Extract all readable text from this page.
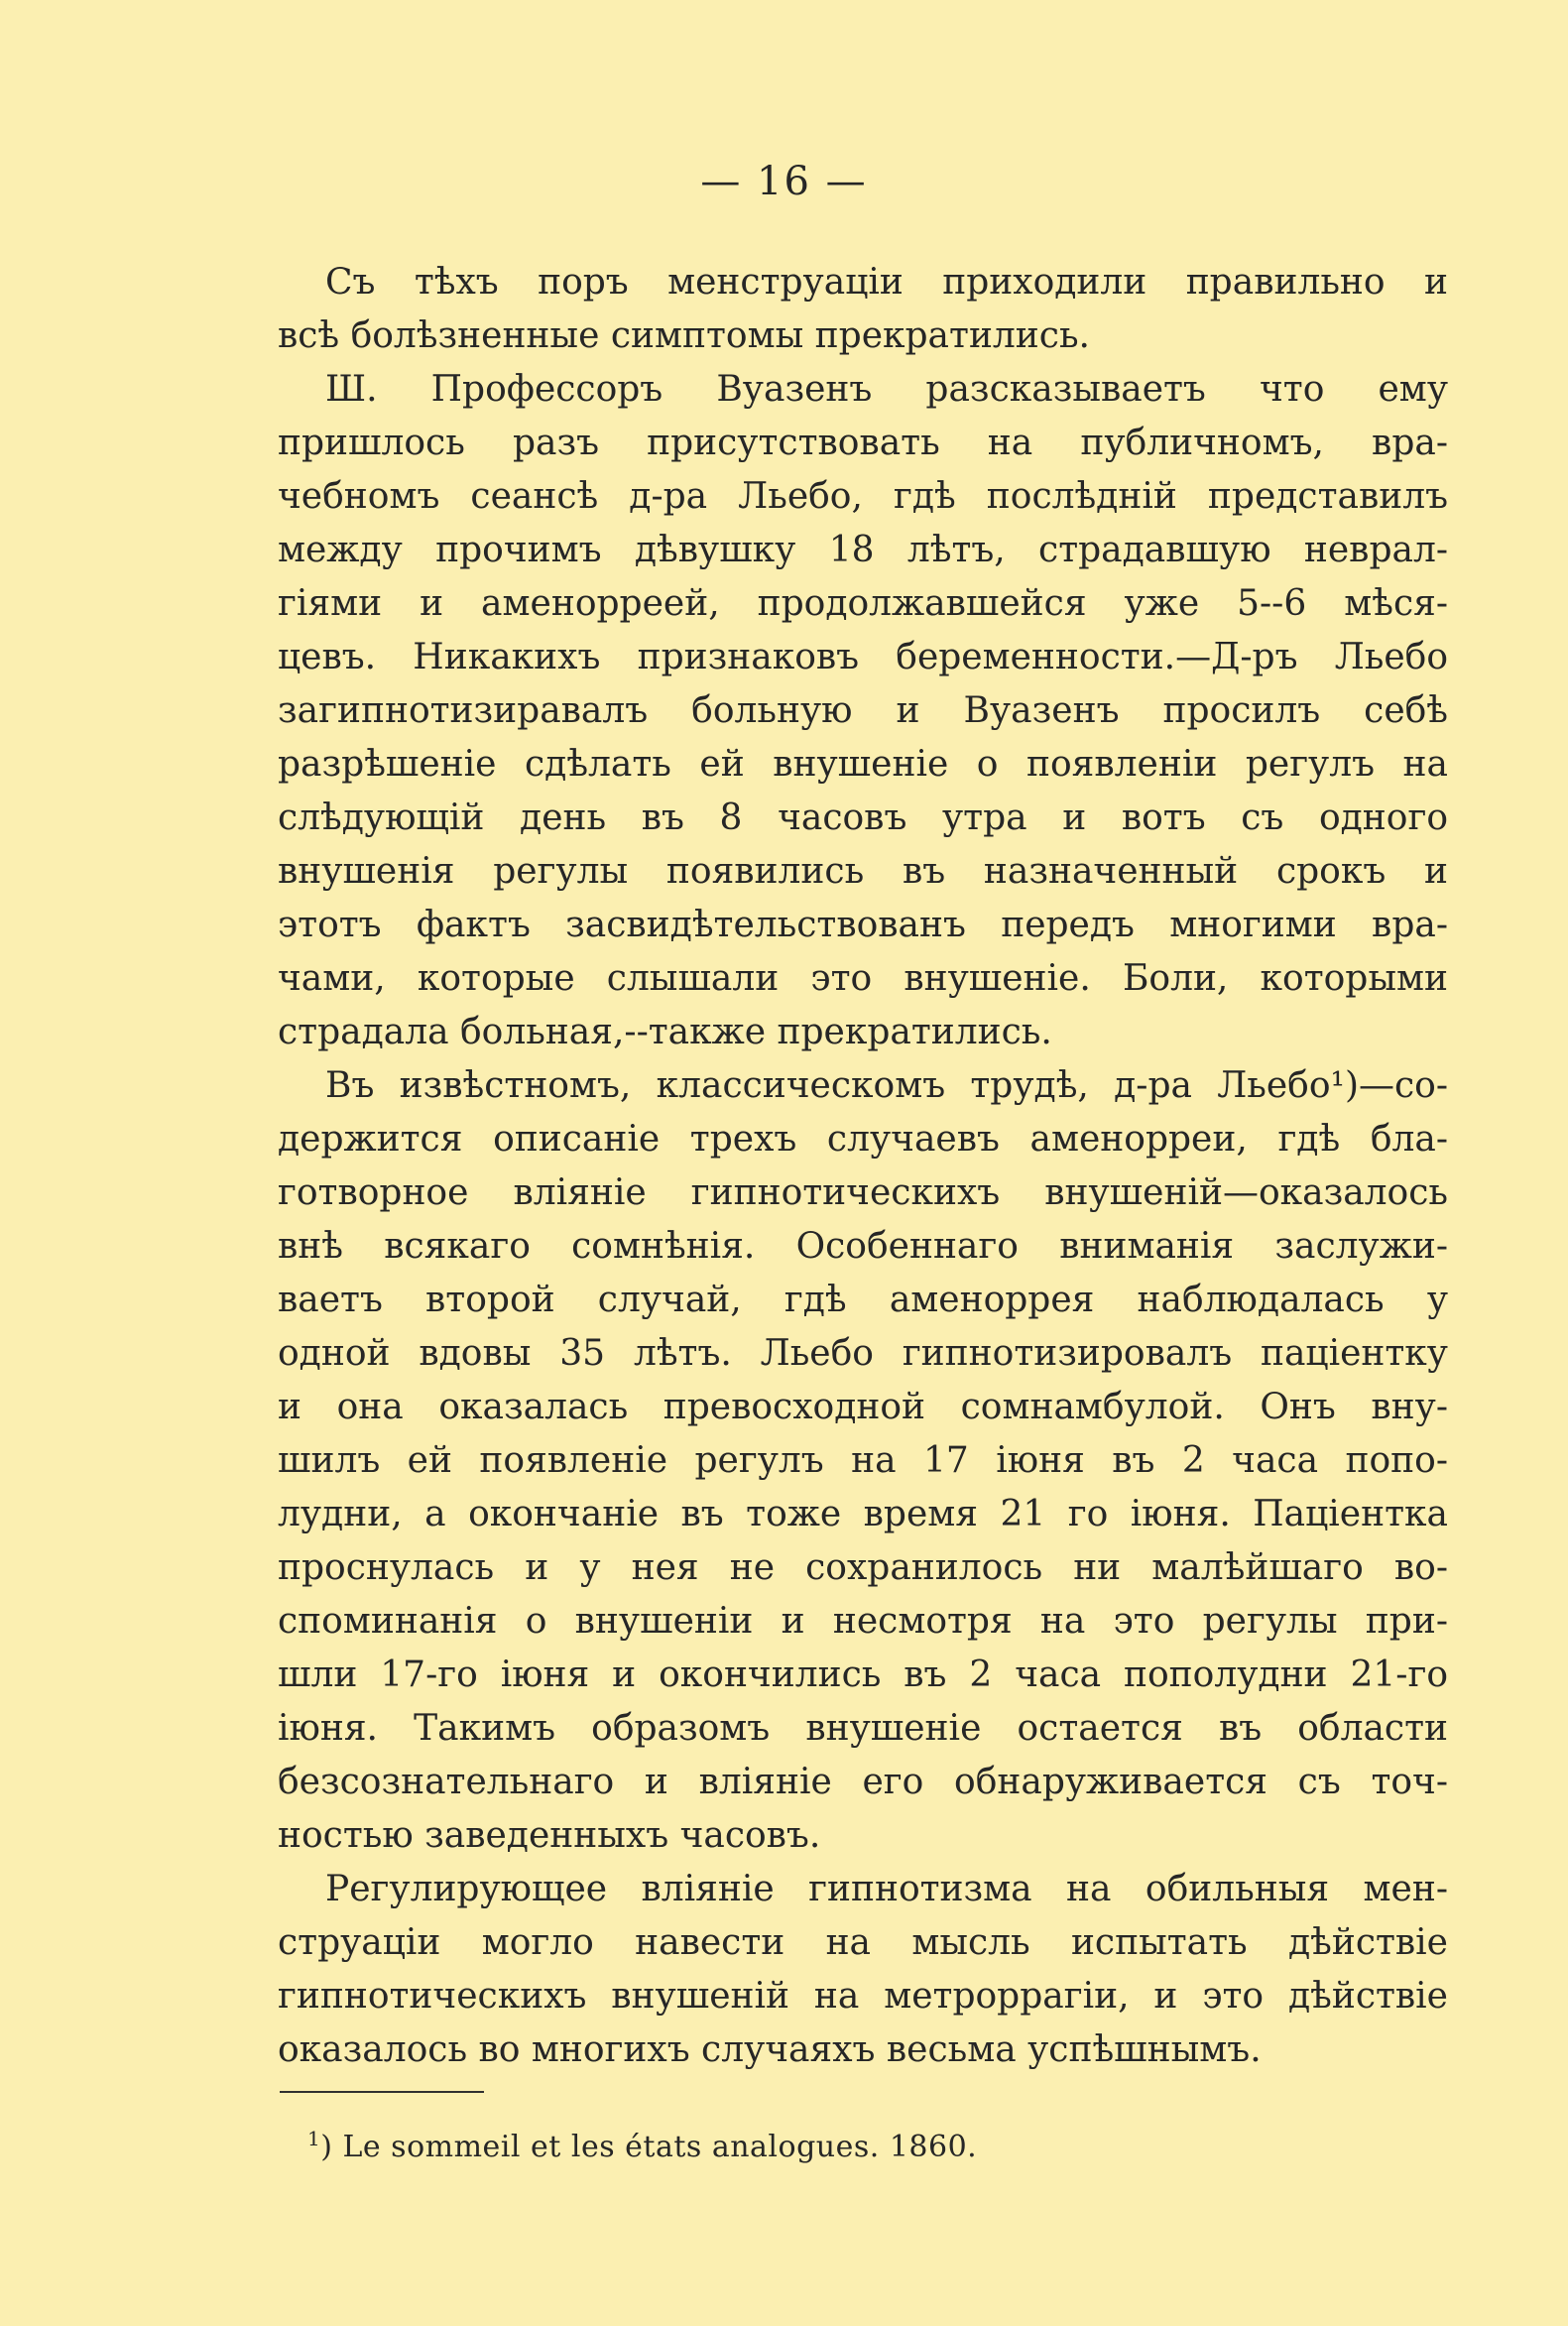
— 16 —
Съ тѣхъ поръ менструаціи приходили правильно и
всѣ болѣзненные симптомы прекратились.
Ш. Профессоръ Вуазенъ разсказываетъ что ему
пришлось разъ присутствовать на публичномъ, вра-
чебномъ сеансѣ д-ра Льебо, гдѣ послѣдній представилъ
между прочимъ дѣвушку 18 лѣтъ, страдавшую неврал-
гіями и аменорреей, продолжавшейся уже 5--6 мѣся-
цевъ. Никакихъ признаковъ беременности.—Д-ръ Льебо
загипнотизиравалъ больную и Вуазенъ просилъ себѣ
разрѣшеніе сдѣлать ей внушеніе о появленіи регулъ на
слѣдующій день въ 8 часовъ утра и вотъ съ одного
внушенія регулы появились въ назначенный срокъ и
этотъ фактъ засвидѣтельствованъ передъ многими вра-
чами, которые слышали это внушеніе. Боли, которыми
страдала больная,--также прекратились.
Въ извѣстномъ, классическомъ трудѣ, д-ра Льебо¹)—со-
держится описаніе трехъ случаевъ аменорреи, гдѣ бла-
готворное вліяніе гипнотическихъ внушеній—оказалось
внѣ всякаго сомнѣнія. Особеннаго вниманія заслужи-
ваетъ второй случай, гдѣ аменоррея наблюдалась у
одной вдовы 35 лѣтъ. Льебо гипнотизировалъ паціентку
и она оказалась превосходной сомнамбулой. Онъ вну-
шилъ ей появленіе регулъ на 17 іюня въ 2 часа попо-
лудни, а окончаніе въ тоже время 21 го іюня. Паціентка
проснулась и у нея не сохранилось ни малѣйшаго во-
споминанія о внушеніи и несмотря на это регулы при-
шли 17-го іюня и окончились въ 2 часа пополудни 21-го
іюня. Такимъ образомъ внушеніе остается въ области
безсознательнаго и вліяніе его обнаруживается съ точ-
ностью заведенныхъ часовъ.
Регулирующее вліяніе гипнотизма на обильныя мен-
струаціи могло навести на мысль испытать дѣйствіе
гипнотическихъ внушеній на метроррагіи, и это дѣйствіе
оказалось во многихъ случаяхъ весьма успѣшнымъ.
$^1$) Le sommeil et les états analogues. 1860.
